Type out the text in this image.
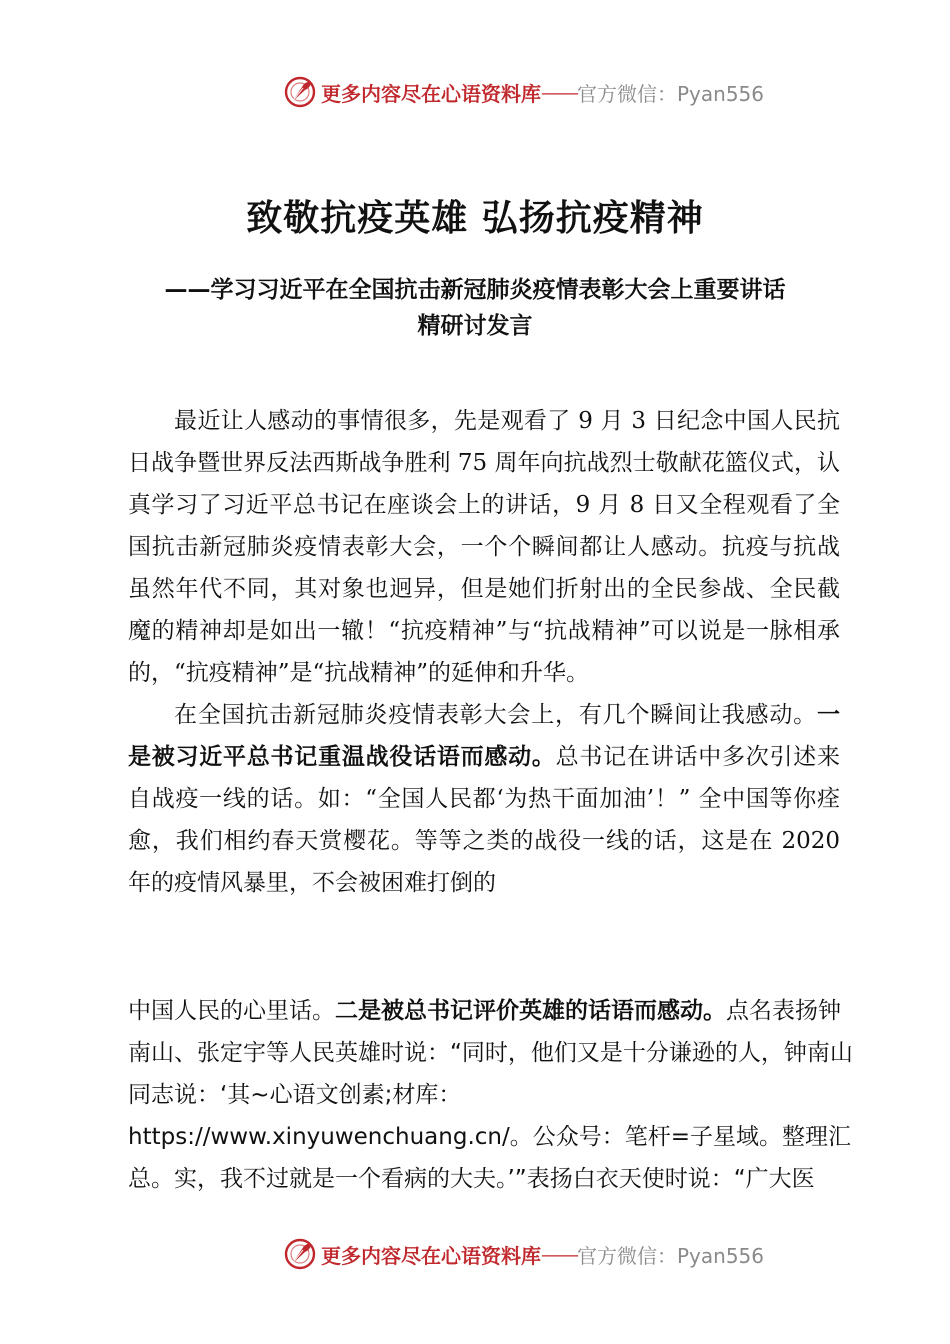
更多内容尽在心语资料库 —— 官方微信：Pyan556
致敬抗疫英雄 弘扬抗疫精神
——学习习近平在全国抗击新冠肺炎疫情表彰大会上重要讲话
精研讨发言

最近让人感动的事情很多，先是观看了 9 月 3 日纪念中国人民抗日战争暨世界反法西斯战争胜利 75 周年向抗战烈士敬献花篮仪式，认真学习了习近平总书记在座谈会上的讲话，9 月 8 日又全程观看了全国抗击新冠肺炎疫情表彰大会，一个个瞬间都让人感动。抗疫与抗战虽然年代不同，其对象也迥异，但是她们折射出的全民参战、全民截魔的精神却是如出一辙！“抗疫精神”与“抗战精神”可以说是一脉相承的，“抗疫精神”是“抗战精神”的延伸和升华。

在全国抗击新冠肺炎疫情表彰大会上，有几个瞬间让我感动。一是被习近平总书记重温战役话语而感动。总书记在讲话中多次引述来自战疫一线的话。如：“全国人民都‘为热干面加油’！” 全中国等你痊愈，我们相约春天赏樱花。等等之类的战役一线的话，这是在 2020 年的疫情风暴里，不会被困难打倒的

中国人民的心里话。二是被总书记评价英雄的话语而感动。点名表扬钟南山、张定宇等人民英雄时说：“同时，他们又是十分谦逊的人，钟南山同志说：‘其~心语文创素;材库：https://www.xinyuwenchuang.cn/。公众号：笔杆=子星域。整理汇总。实，我不过就是一个看病的大夫。’”表扬白衣天使时说：“广大医
更多内容尽在心语资料库 —— 官方微信：Pyan556
